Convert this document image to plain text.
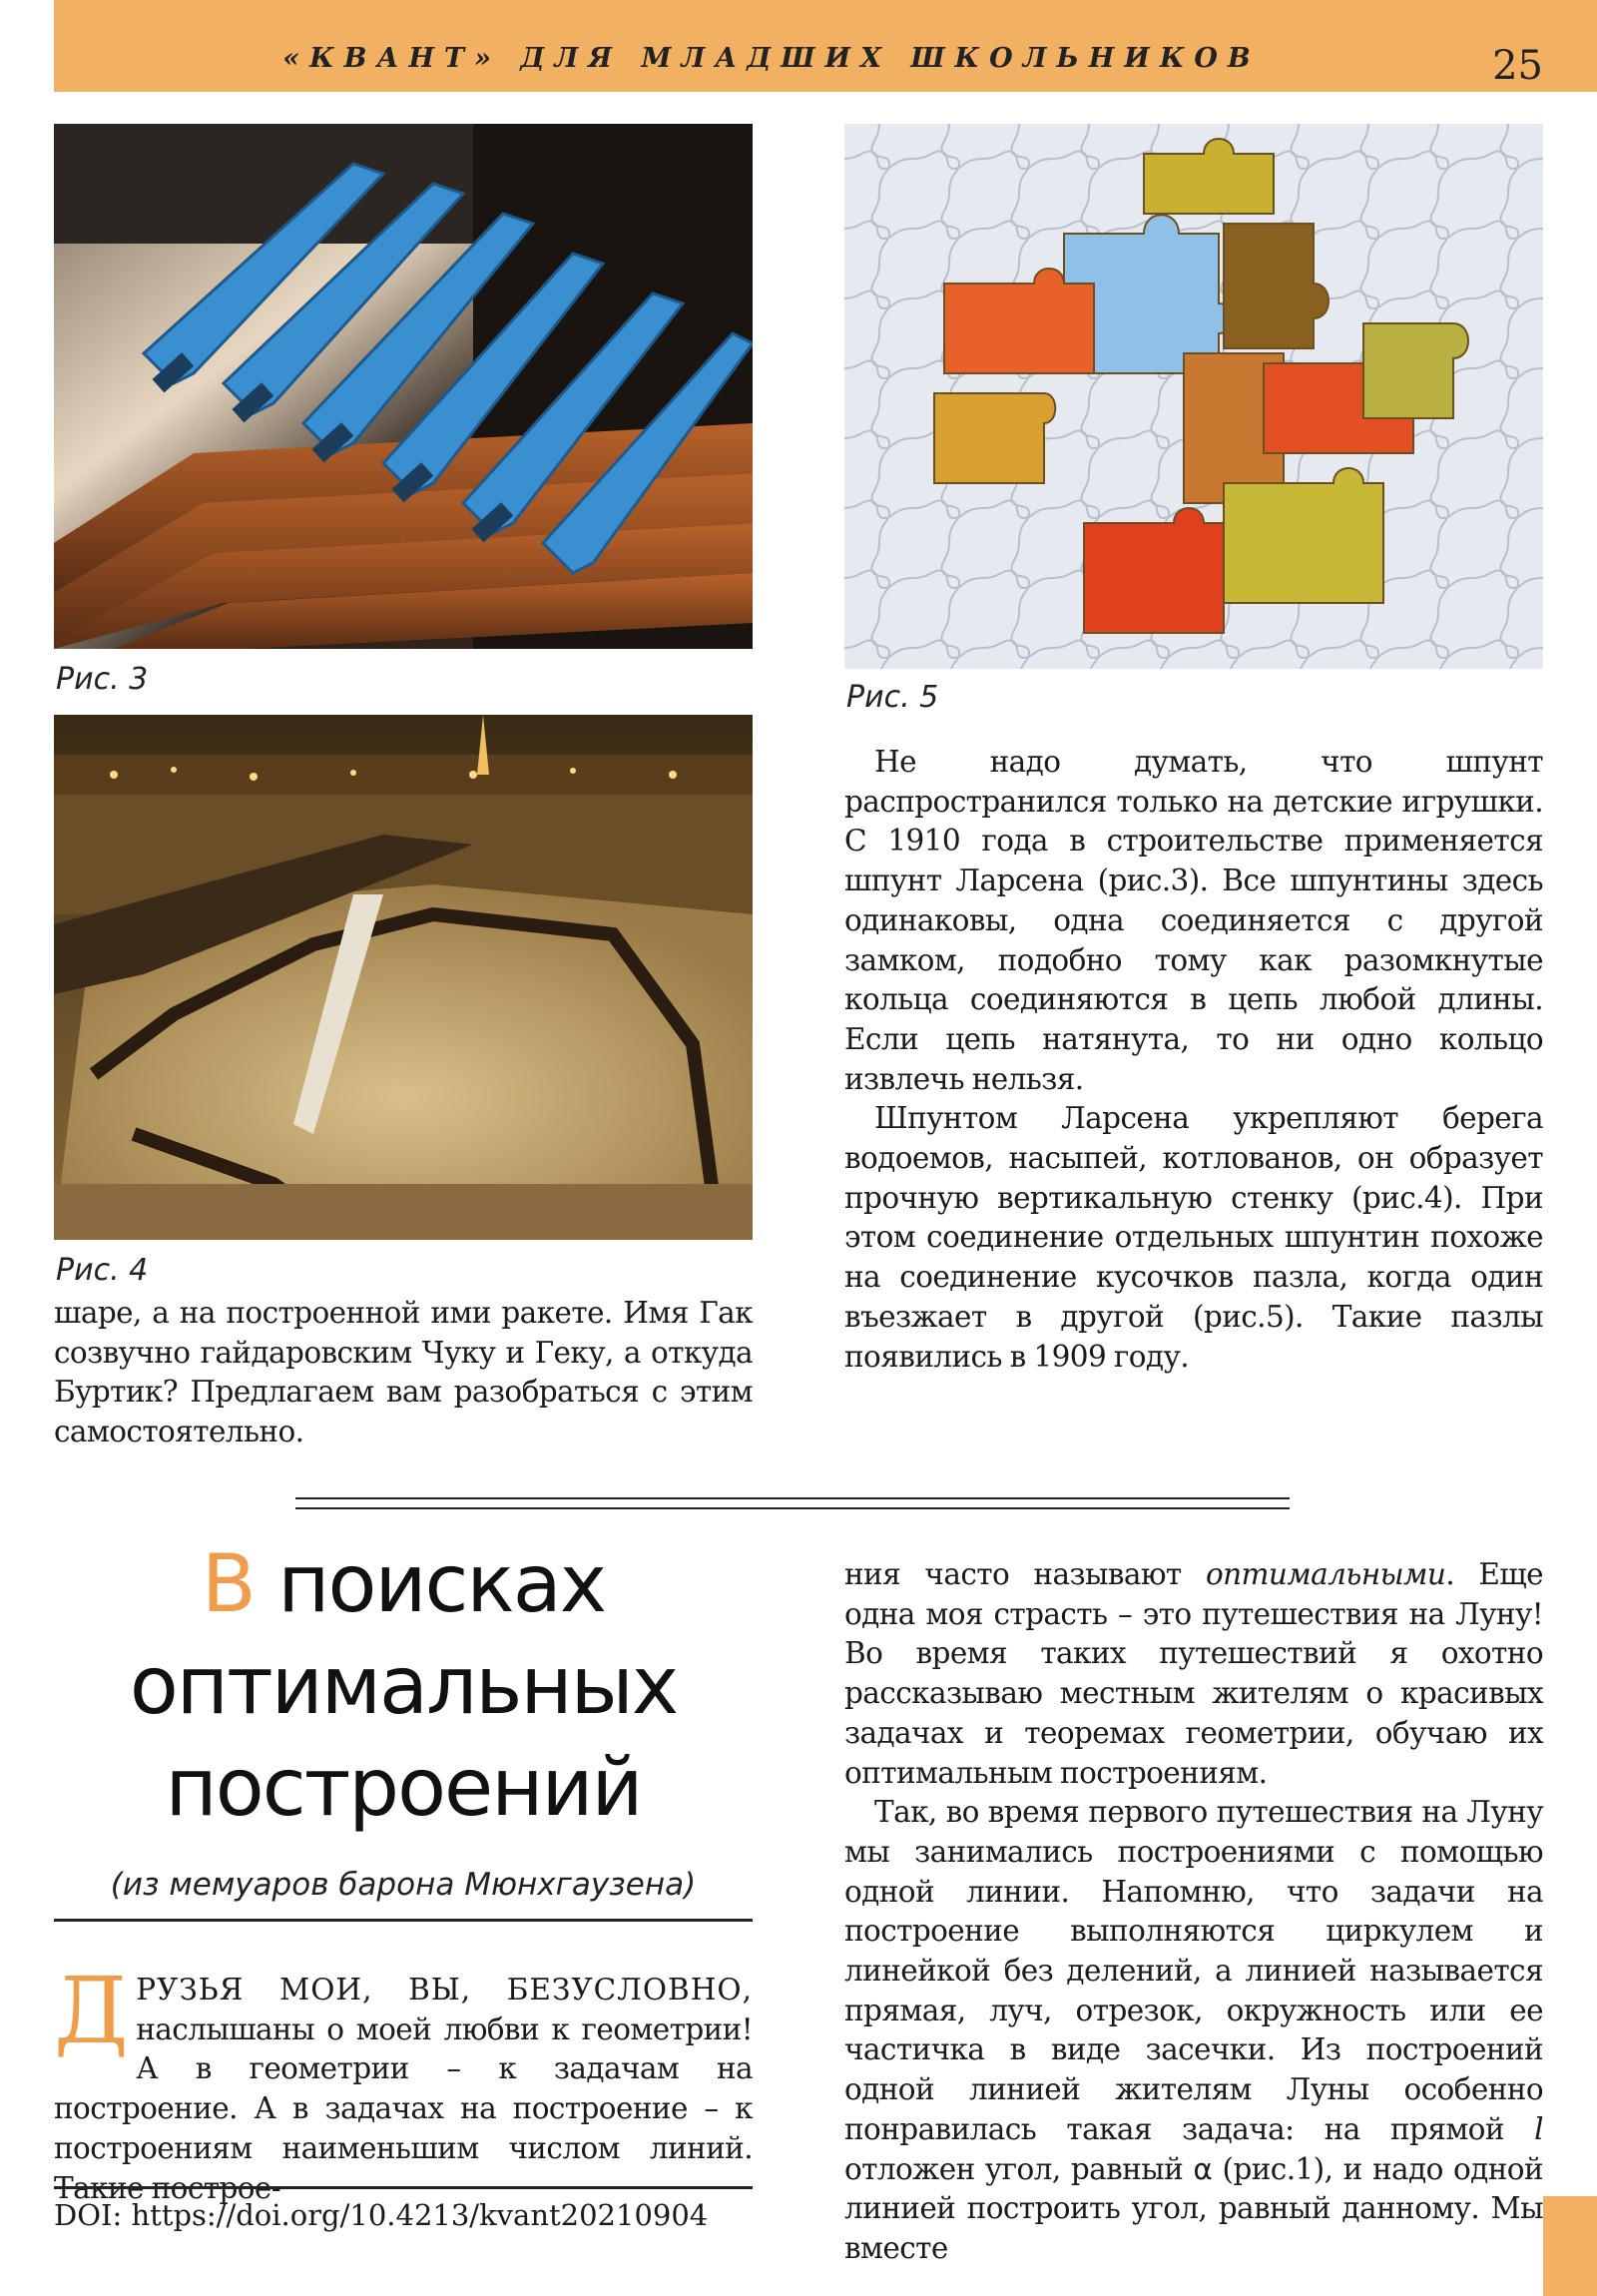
«КВАНТ» ДЛЯ МЛАДШИХ ШКОЛЬНИКОВ	25
Рис. 3
Рис. 4

шаре, а на построенной ими ракете. Имя Гак созвучно гайдаровским Чуку и Геку, а откуда Буртик? Предлагаем вам разобраться с этим самостоятельно.

Рис. 5

Не надо думать, что шпунт распространился только на детские игрушки. С 1910 года в строительстве применяется шпунт Ларсена (рис.3). Все шпунтины здесь одинаковы, одна соединяется с другой замком, подобно тому как разомкнутые кольца соединяются в цепь любой длины. Если цепь натянута, то ни одно кольцо извлечь нельзя.

Шпунтом Ларсена укрепляют берега водоемов, насыпей, котлованов, он образует прочную вертикальную стенку (рис.4). При этом соединение отдельных шпунтин похоже на соединение кусочков пазла, когда один въезжает в другой (рис.5). Такие пазлы появились в 1909 году.

В поисках
оптимальных
построений
(из мемуаров барона Мюнхгаузена)

ДРУЗЬЯ МОИ, ВЫ, БЕЗУСЛОВНО, наслышаны о моей любви к геометрии! А в геометрии – к задачам на построение. А в задачах на построение – к построениям наименьшим числом линий. Такие построе-

DOI: https://doi.org/10.4213/kvant20210904

ния часто называют оптимальными. Еще одна моя страсть – это путешествия на Луну! Во время таких путешествий я охотно рассказываю местным жителям о красивых задачах и теоремах геометрии, обучаю их оптимальным построениям.

Так, во время первого путешествия на Луну мы занимались построениями с помощью одной линии. Напомню, что задачи на построение выполняются циркулем и линейкой без делений, а линией называется прямая, луч, отрезок, окружность или ее частичка в виде засечки. Из построений одной линией жителям Луны особенно понравилась такая задача: на прямой l отложен угол, равный α (рис.1), и надо одной линией построить угол, равный данному. Мы вместе
